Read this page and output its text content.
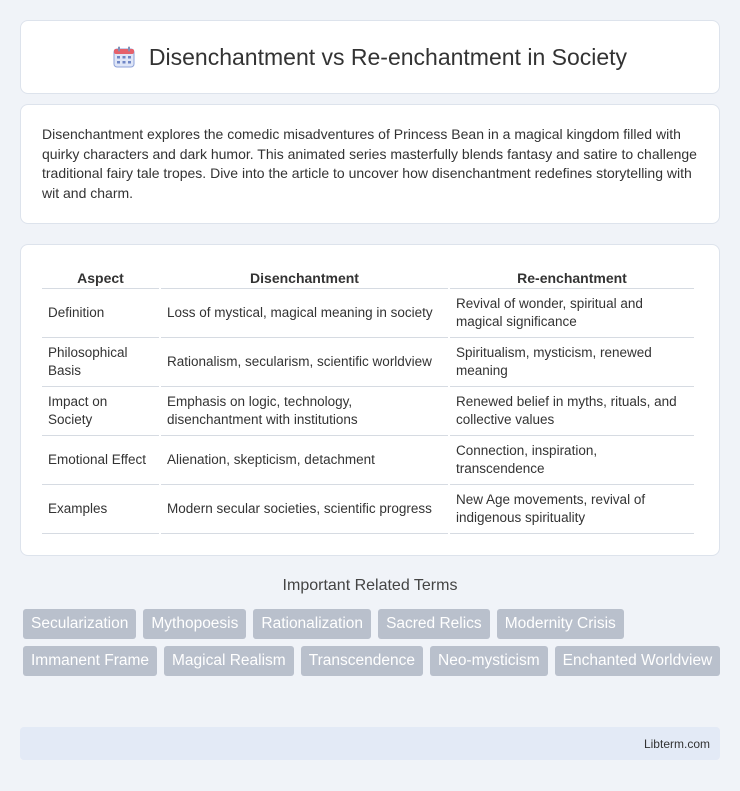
Disenchantment vs Re-enchantment in Society

Disenchantment explores the comedic misadventures of Princess Bean in a magical kingdom filled with quirky characters and dark humor. This animated series masterfully blends fantasy and satire to challenge traditional fairy tale tropes. Dive into the article to uncover how disenchantment redefines storytelling with wit and charm.

Aspect	Disenchantment	Re-enchantment
Definition	Loss of mystical, magical meaning in society	Revival of wonder, spiritual and magical significance
Philosophical Basis	Rationalism, secularism, scientific worldview	Spiritualism, mysticism, renewed meaning
Impact on Society	Emphasis on logic, technology, disenchantment with institutions	Renewed belief in myths, rituals, and collective values
Emotional Effect	Alienation, skepticism, detachment	Connection, inspiration, transcendence
Examples	Modern secular societies, scientific progress	New Age movements, revival of indigenous spirituality
Important Related Terms
Secularization	Mythopoesis	Rationalization	Sacred Relics	Modernity Crisis
Immanent Frame	Magical Realism	Transcendence	Neo-mysticism	Enchanted Worldview
Libterm.com
